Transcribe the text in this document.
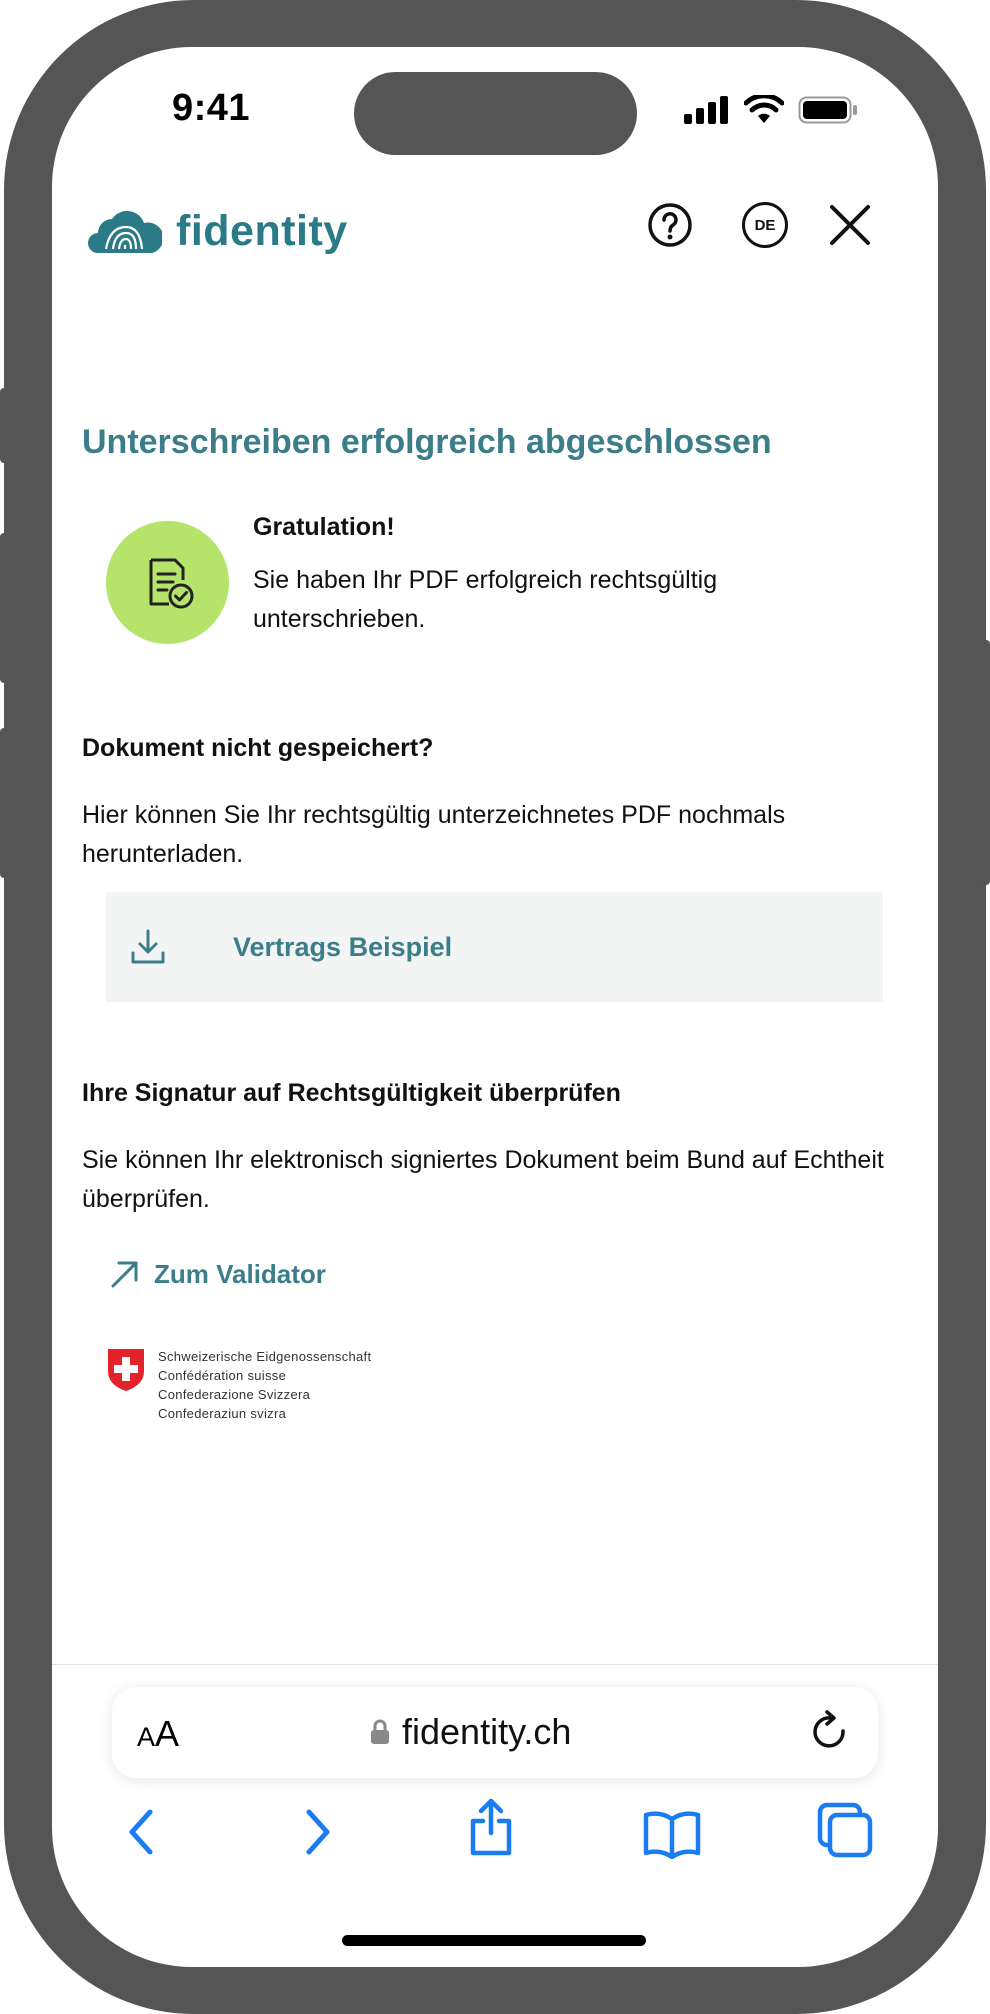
9:41
fidentity	DE
Unterschreiben erfolgreich abgeschlossen
Gratulation!

Sie haben Ihr PDF erfolgreich rechtsgültig unterschrieben.

Dokument nicht gespeichert?

Hier können Sie Ihr rechtsgültig unterzeichnetes PDF nochmals herunterladen.

Vertrags Beispiel
Ihre Signatur auf Rechtsgültigkeit überprüfen

Sie können Ihr elektronisch signiertes Dokument beim Bund auf Echtheit überprüfen.

Zum Validator
Schweizerische Eidgenossenschaft
Confédération suisse
Confederazione Svizzera
Confederaziun svizra
AA	fidentity.ch
